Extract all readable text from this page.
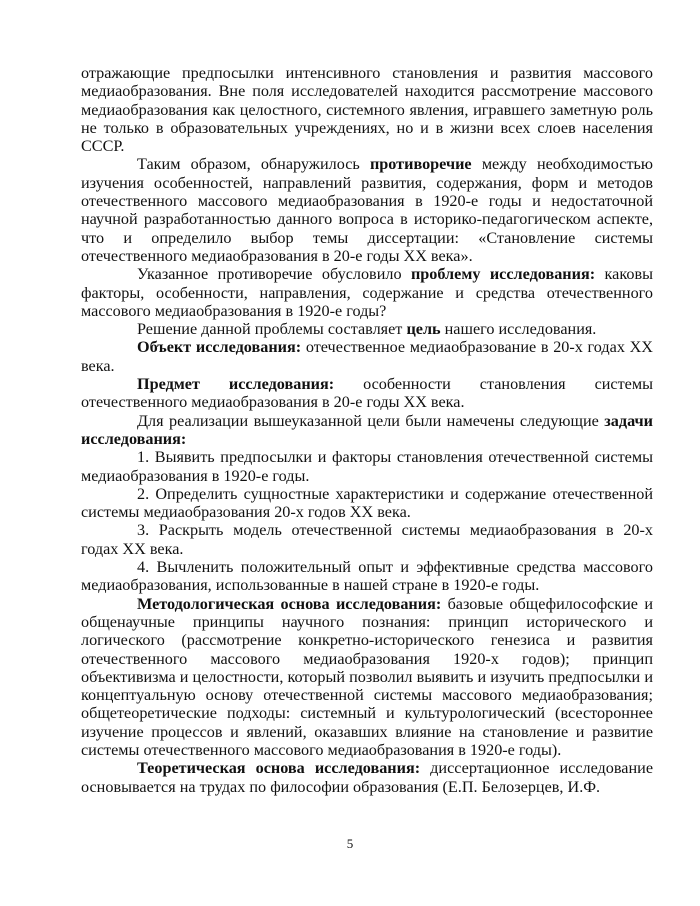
отражающие предпосылки интенсивного становления и развития массового медиаобразования. Вне поля исследователей находится рассмотрение массового медиаобразования как целостного, системного явления, игравшего заметную роль не только в образовательных учреждениях, но и в жизни всех слоев населения СССР.

Таким образом, обнаружилось противоречие между необходимостью изучения особенностей, направлений развития, содержания, форм и методов отечественного массового медиаобразования в 1920-е годы и недостаточной научной разработанностью данного вопроса в историко-педагогическом аспекте, что и определило выбор темы диссертации: «Становление системы отечественного медиаобразования в 20-е годы XX века».

Указанное противоречие обусловило проблему исследования: каковы факторы, особенности, направления, содержание и средства отечественного массового медиаобразования в 1920-е годы?

Решение данной проблемы составляет цель нашего исследования.

Объект исследования: отечественное медиаобразование в 20-х годах XX века.

Предмет исследования: особенности становления системы отечественного медиаобразования в 20-е годы XX века.

Для реализации вышеуказанной цели были намечены следующие задачи исследования:

1. Выявить предпосылки и факторы становления отечественной системы медиаобразования в 1920-е годы.

2. Определить сущностные характеристики и содержание отечественной системы медиаобразования 20-х годов XX века.

3. Раскрыть модель отечественной системы медиаобразования в 20-х годах XX века.

4. Вычленить положительный опыт и эффективные средства массового медиаобразования, использованные в нашей стране в 1920-е годы.

Методологическая основа исследования: базовые общефилософские и общенаучные принципы научного познания: принцип исторического и логического (рассмотрение конкретно-исторического генезиса и развития отечественного массового медиаобразования 1920-х годов); принцип объективизма и целостности, который позволил выявить и изучить предпосылки и концептуальную основу отечественной системы массового медиаобразования; общетеоретические подходы: системный и культурологический (всестороннее изучение процессов и явлений, оказавших влияние на становление и развитие системы отечественного массового медиаобразования в 1920-е годы).

Теоретическая основа исследования: диссертационное исследование основывается на трудах по философии образования (Е.П. Белозерцев, И.Ф.

5
